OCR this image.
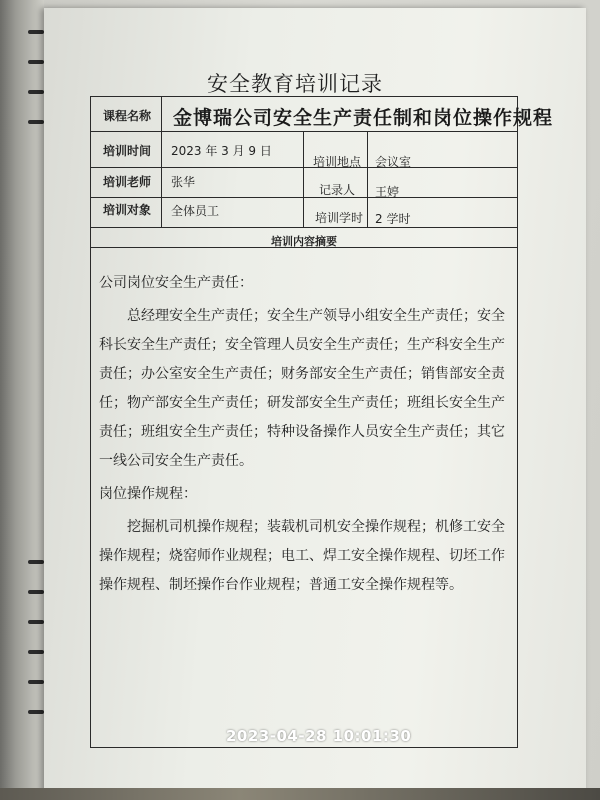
安全教育培训记录
课程名称 金博瑞公司安全生产责任制和岗位操作规程
培训时间 2023 年 3 月 9 日
培训地点 会议室
培训老师 张华
记录人 王婷
培训对象 全体员工	培训学时 2 学时
培训内容摘要

公司岗位安全生产责任：

总经理安全生产责任；安全生产领导小组安全生产责任；安全科长安全生产责任；安全管理人员安全生产责任；生产科安全生产责任；办公室安全生产责任；财务部安全生产责任；销售部安全责任；物产部安全生产责任；研发部安全生产责任；班组长安全生产责任；班组安全生产责任；特种设备操作人员安全生产责任；其它一线公司安全生产责任。

岗位操作规程：

挖掘机司机操作规程；装载机司机安全操作规程；机修工安全操作规程；烧窑师作业规程；电工、焊工安全操作规程、切坯工作操作规程、制坯操作台作业规程；普通工安全操作规程等。

2023-04-28 10:01:30
